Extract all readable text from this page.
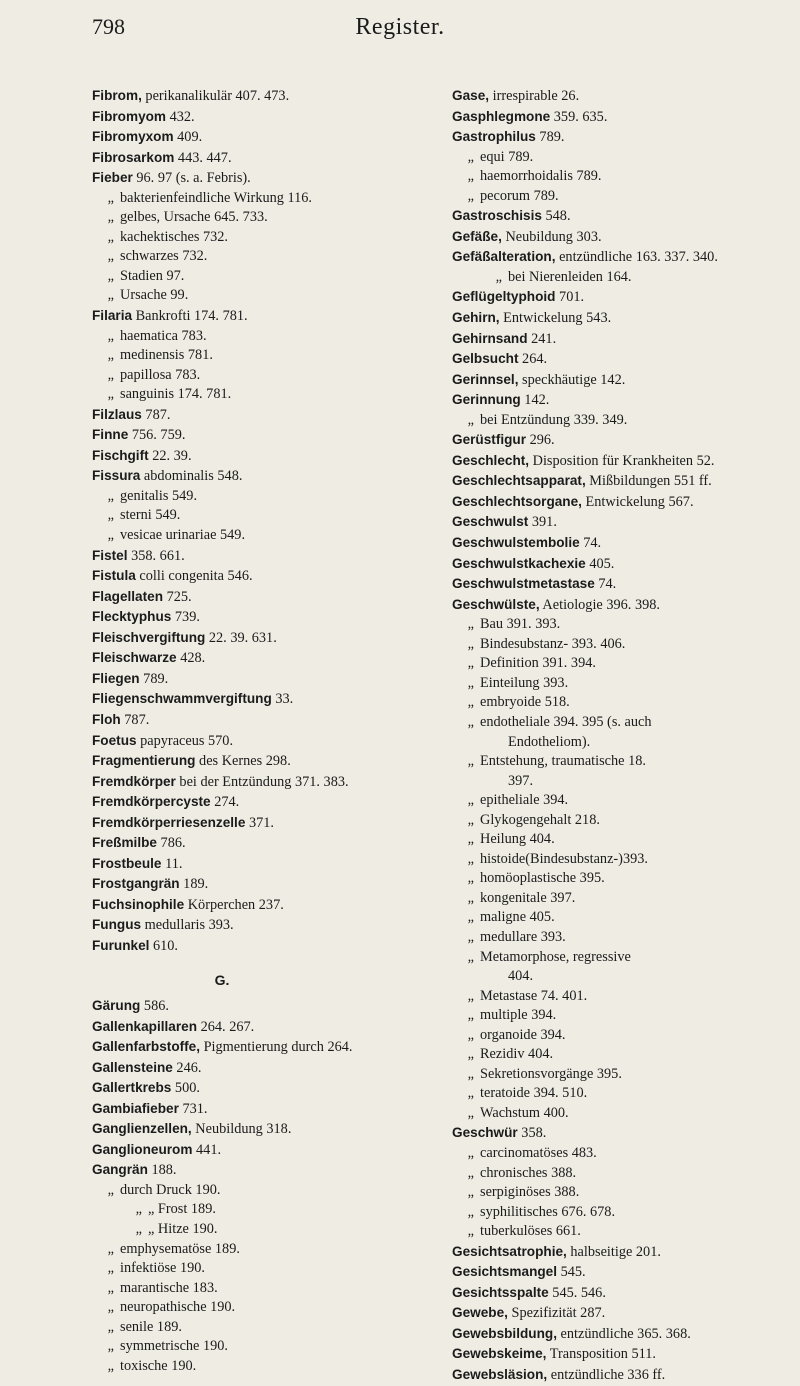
798	Register.
Fibrom, perikanalikulär 407. 473.
Fibromyom 432.
Fibromyxom 409.
Fibrosarkom 443. 447.
Fieber 96. 97 (s. a. Febris).
„ bakterienfeindliche Wirkung 116.
„ gelbes, Ursache 645. 733.
„ kachektisches 732.
„ schwarzes 732.
„ Stadien 97.
„ Ursache 99.
Filaria Bankrofti 174. 781.
„ haematica 783.
„ medinensis 781.
„ papillosa 783.
„ sanguinis 174. 781.
Filzlaus 787.
Finne 756. 759.
Fischgift 22. 39.
Fissura abdominalis 548.
„ genitalis 549.
„ sterni 549.
„ vesicae urinariae 549.
Fistel 358. 661.
Fistula colli congenita 546.
Flagellaten 725.
Flecktyphus 739.
Fleischvergiftung 22. 39. 631.
Fleischwarze 428.
Fliegen 789.
Fliegenschwammvergiftung 33.
Floh 787.
Foetus papyraceus 570.
Fragmentierung des Kernes 298.
Fremdkörper bei der Entzündung 371. 383.
Fremdkörpercyste 274.
Fremdkörperriesenzelle 371.
Freßmilbe 786.
Frostbeule 11.
Frostgangrän 189.
Fuchsinophile Körperchen 237.
Fungus medullaris 393.
Furunkel 610.
G.
Gärung 586.
Gallenkapillaren 264. 267.
Gallenfarbstoffe, Pigmentierung durch 264.
Gallensteine 246.
Gallertkrebs 500.
Gambiafieber 731.
Ganglienzellen, Neubildung 318.
Ganglioneurom 441.
Gangrän 188.
„ durch Druck 190.
„ „ Frost 189.
„ „ Hitze 190.
„ emphysematöse 189.
„ infektiöse 190.
„ marantische 183.
„ neuropathische 190.
„ senile 189.
„ symmetrische 190.
„ toxische 190.
Gase, irrespirable 26.
Gasphlegmone 359. 635.
Gastrophilus 789.
„ equi 789.
„ haemorrhoidalis 789.
„ pecorum 789.
Gastroschisis 548.
Gefäße, Neubildung 303.
Gefäßalteration, entzündliche 163. 337. 340.
„ bei Nierenleiden 164.
Geflügeltyphoid 701.
Gehirn, Entwickelung 543.
Gehirnsand 241.
Gelbsucht 264.
Gerinnsel, speckhäutige 142.
Gerinnung 142.
„ bei Entzündung 339. 349.
Gerüstfigur 296.
Geschlecht, Disposition für Krankheiten 52.
Geschlechtsapparat, Mißbildungen 551 ff.
Geschlechtsorgane, Entwickelung 567.
Geschwulst 391.
Geschwulstembolie 74.
Geschwulstkachexie 405.
Geschwulstmetastase 74.
Geschwülste, Aetiologie 396. 398.
„ Bau 391. 393.
„ Bindesubstanz- 393. 406.
„ Definition 391. 394.
„ Einteilung 393.
„ embryoide 518.
„ endotheliale 394. 395 (s. auch
Endotheliom).
„ Entstehung, traumatische 18.
397.
„ epitheliale 394.
„ Glykogengehalt 218.
„ Heilung 404.
„ histoide(Bindesubstanz-)393.
„ homöoplastische 395.
„ kongenitale 397.
„ maligne 405.
„ medullare 393.
„ Metamorphose, regressive
404.
„ Metastase 74. 401.
„ multiple 394.
„ organoide 394.
„ Rezidiv 404.
„ Sekretionsvorgänge 395.
„ teratoide 394. 510.
„ Wachstum 400.
Geschwür 358.
„ carcinomatöses 483.
„ chronisches 388.
„ serpiginöses 388.
„ syphilitisches 676. 678.
„ tuberkulöses 661.
Gesichtsatrophie, halbseitige 201.
Gesichtsmangel 545.
Gesichtsspalte 545. 546.
Gewebe, Spezifizität 287.
Gewebsbildung, entzündliche 365. 368.
Gewebskeime, Transposition 511.
Gewebsläsion, entzündliche 336 ff.
